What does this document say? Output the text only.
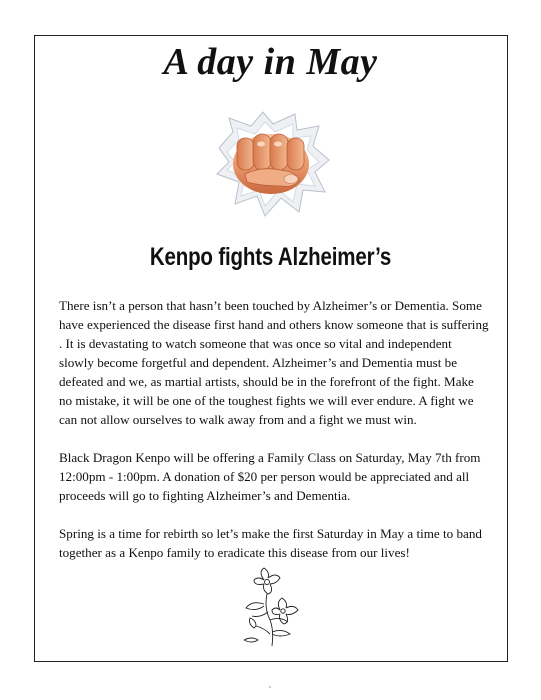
A day in May
Kenpo fights Alzheimer’s

There isn’t a person that hasn’t been touched by Alzheimer’s or Dementia. Some have experienced the disease first hand and others know someone that is suffering . It is devastating to watch someone that was once so vital and independent slowly become forgetful and dependent. Alzheimer’s and Dementia must be defeated and we, as martial artists, should be in the forefront of the fight. Make no mistake, it will be one of the toughest fights we will ever endure. A fight we can not allow ourselves to walk away from and a fight we must win.

Black Dragon Kenpo will be offering a Family Class on Saturday, May 7th from 12:00pm - 1:00pm. A donation of $20 per person would be appreciated and all proceeds will go to fighting Alzheimer’s and Dementia.

Spring is a time for rebirth so let’s make the first Saturday in May a time to band together as a Kenpo family to eradicate this disease from our lives!
